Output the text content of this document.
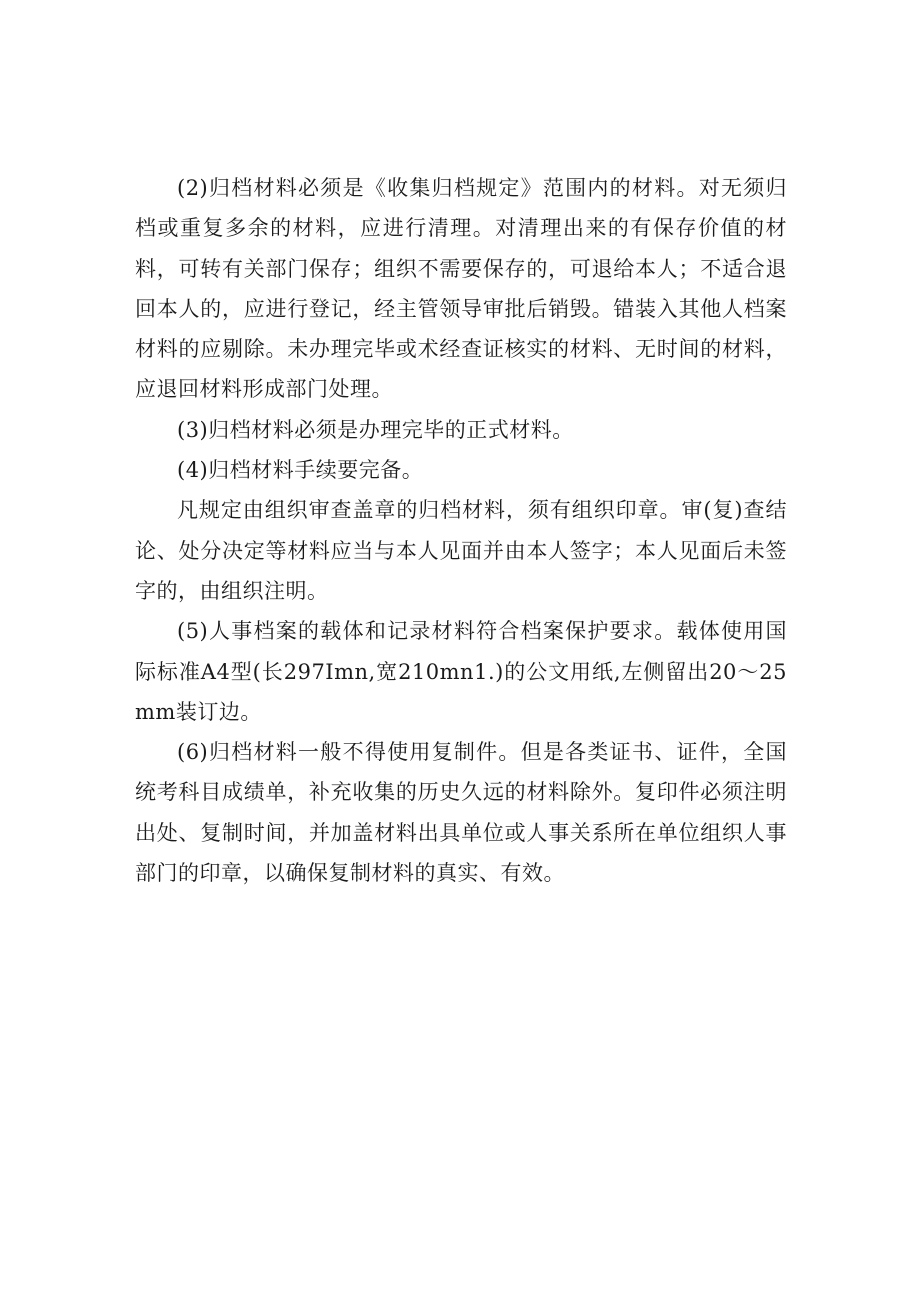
(2)归档材料必须是《收集归档规定》范围内的材料。对无须归档或重复多余的材料，应进行清理。对清理出来的有保存价值的材料，可转有关部门保存；组织不需要保存的，可退给本人；不适合退回本人的，应进行登记，经主管领导审批后销毁。错装入其他人档案材料的应剔除。未办理完毕或术经查证核实的材料、无时间的材料，应退回材料形成部门处理。

(3)归档材料必须是办理完毕的正式材料。

(4)归档材料手续要完备。

凡规定由组织审查盖章的归档材料，须有组织印章。审(复)查结论、处分决定等材料应当与本人见面并由本人签字；本人见面后未签字的，由组织注明。

(5)人事档案的载体和记录材料符合档案保护要求。载体使用国际标准A4型(长297Imn,宽210mn1.)的公文用纸,左侧留出20～25mm装订边。

(6)归档材料一般不得使用复制件。但是各类证书、证件，全国统考科目成绩单，补充收集的历史久远的材料除外。复印件必须注明出处、复制时间，并加盖材料出具单位或人事关系所在单位组织人事部门的印章，以确保复制材料的真实、有效。
